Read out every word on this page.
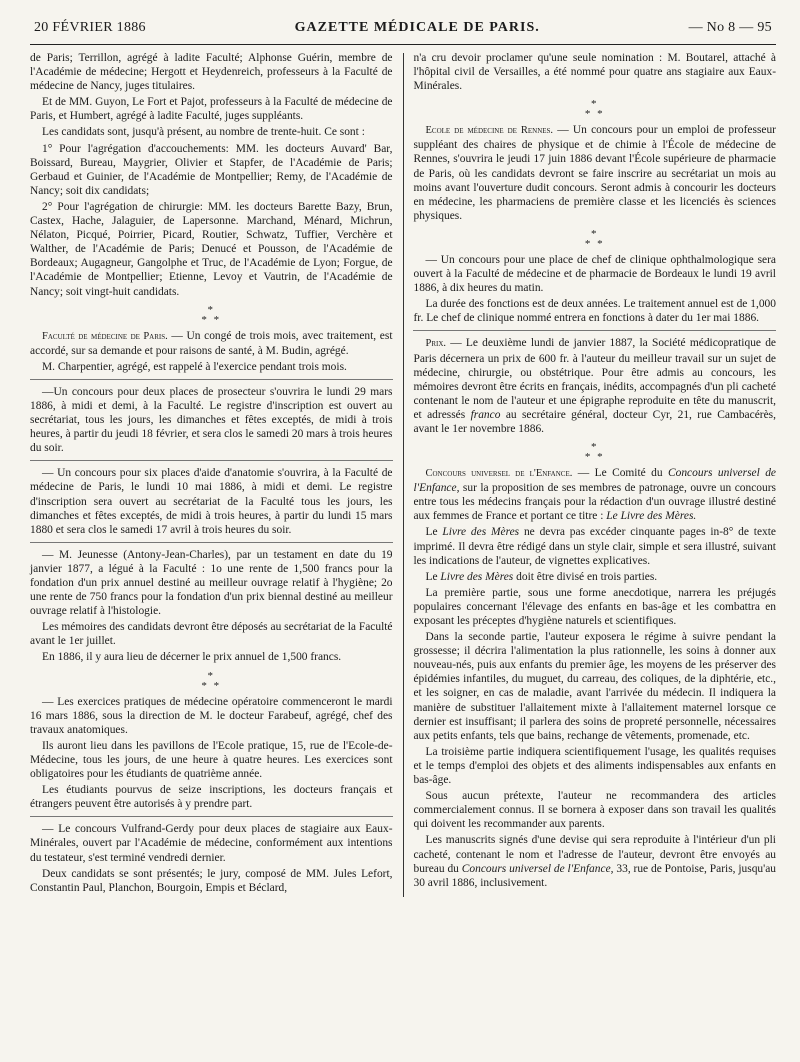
20 FÉVRIER 1886	GAZETTE MÉDICALE DE PARIS.	— No 8 — 95

de Paris; Terrillon, agrégé à ladite Faculté; Alphonse Guérin, membre de l'Académie de médecine; Hergott et Heydenreich, professeurs à la Faculté de médecine de Nancy, juges titulaires.

Et de MM. Guyon, Le Fort et Pajot, professeurs à la Faculté de médecine de Paris, et Humbert, agrégé à ladite Faculté, juges suppléants.

Les candidats sont, jusqu'à présent, au nombre de trente-huit. Ce sont :

1° Pour l'agrégation d'accouchements: MM. les docteurs Auvard' Bar, Boissard, Bureau, Maygrier, Olivier et Stapfer, de l'Académie de Paris; Gerbaud et Guinier, de l'Académie de Montpellier; Remy, de l'Académie de Nancy; soit dix candidats;

2° Pour l'agrégation de chirurgie: MM. les docteurs Barette Bazy, Brun, Castex, Hache, Jalaguier, de Lapersonne. Marchand, Ménard, Michrun, Nélaton, Picqué, Poirrier, Picard, Routier, Schwatz, Tuffier, Verchère et Walther, de l'Académie de Paris; Denucé et Pousson, de l'Académie de Bordeaux; Augagneur, Gangolphe et Truc, de l'Académie de Lyon; Forgue, de l'Académie de Montpellier; Etienne, Levoy et Vautrin, de l'Académie de Nancy; soit vingt-huit candidats.

*
* *

Faculté de médecine de Paris. — Un congé de trois mois, avec traitement, est accordé, sur sa demande et pour raisons de santé, à M. Budin, agrégé.

M. Charpentier, agrégé, est rappelé à l'exercice pendant trois mois.

—Un concours pour deux places de prosecteur s'ouvrira le lundi 29 mars 1886, à midi et demi, à la Faculté. Le registre d'inscription est ouvert au secrétariat, tous les jours, les dimanches et fêtes exceptés, de midi à trois heures, à partir du jeudi 18 février, et sera clos le samedi 20 mars à trois heures du soir.

— Un concours pour six places d'aide d'anatomie s'ouvrira, à la Faculté de médecine de Paris, le lundi 10 mai 1886, à midi et demi. Le registre d'inscription sera ouvert au secrétariat de la Faculté tous les jours, les dimanches et fêtes exceptés, de midi à trois heures, à partir du lundi 15 mars 1880 et sera clos le samedi 17 avril à trois heures du soir.

— M. Jeunesse (Antony-Jean-Charles), par un testament en date du 19 janvier 1877, a légué à la Faculté : 1o une rente de 1,500 francs pour la fondation d'un prix annuel destiné au meilleur ouvrage relatif à l'hygiène; 2o une rente de 750 francs pour la fondation d'un prix biennal destiné au meilleur ouvrage relatif à l'histologie.

Les mémoires des candidats devront être déposés au secrétariat de la Faculté avant le 1er juillet.

En 1886, il y aura lieu de décerner le prix annuel de 1,500 francs.

*
* *

— Les exercices pratiques de médecine opératoire commenceront le mardi 16 mars 1886, sous la direction de M. le docteur Farabeuf, agrégé, chef des travaux anatomiques.

Ils auront lieu dans les pavillons de l'Ecole pratique, 15, rue de l'Ecole-de-Médecine, tous les jours, de une heure à quatre heures. Les exercices sont obligatoires pour les étudiants de quatrième année.

Les étudiants pourvus de seize inscriptions, les docteurs français et étrangers peuvent être autorisés à y prendre part.

— Le concours Vulfrand-Gerdy pour deux places de stagiaire aux Eaux-Minérales, ouvert par l'Académie de médecine, conformément aux intentions du testateur, s'est terminé vendredi dernier.

Deux candidats se sont présentés; le jury, composé de MM. Jules Lefort, Constantin Paul, Planchon, Bourgoin, Empis et Béclard,

n'a cru devoir proclamer qu'une seule nomination : M. Boutarel, attaché à l'hôpital civil de Versailles, a été nommé pour quatre ans stagiaire aux Eaux-Minérales.

*
* *

Ecole de médecine de Rennes. — Un concours pour un emploi de professeur suppléant des chaires de physique et de chimie à l'École de médecine de Rennes, s'ouvrira le jeudi 17 juin 1886 devant l'École supérieure de pharmacie de Paris, où les candidats devront se faire inscrire au secrétariat un mois au moins avant l'ouverture dudit concours. Seront admis à concourir les docteurs en médecine, les pharmaciens de première classe et les licenciés ès sciences physiques.

*
* *

— Un concours pour une place de chef de clinique ophthalmologique sera ouvert à la Faculté de médecine et de pharmacie de Bordeaux le lundi 19 avril 1886, à dix heures du matin.

La durée des fonctions est de deux années. Le traitement annuel est de 1,000 fr. Le chef de clinique nommé entrera en fonctions à dater du 1er mai 1886.

Prix. — Le deuxième lundi de janvier 1887, la Société médicopratique de Paris décernera un prix de 600 fr. à l'auteur du meilleur travail sur un sujet de médecine, chirurgie, ou obstétrique. Pour être admis au concours, les mémoires devront être écrits en français, inédits, accompagnés d'un pli cacheté contenant le nom de l'auteur et une épigraphe reproduite en tête du manuscrit, et adressés franco au secrétaire général, docteur Cyr, 21, rue Cambacérès, avant le 1er novembre 1886.

*
* *

Concours universel de l'Enfance. — Le Comité du Concours universel de l'Enfance, sur la proposition de ses membres de patronage, ouvre un concours entre tous les médecins français pour la rédaction d'un ouvrage illustré destiné aux femmes de France et portant ce titre : Le Livre des Mères.

Le Livre des Mères ne devra pas excéder cinquante pages in-8° de texte imprimé. Il devra être rédigé dans un style clair, simple et sera illustré, suivant les indications de l'auteur, de vignettes explicatives.

Le Livre des Mères doit être divisé en trois parties.

La première partie, sous une forme anecdotique, narrera les préjugés populaires concernant l'élevage des enfants en bas-âge et les combattra en exposant les préceptes d'hygiène naturels et scientifiques.

Dans la seconde partie, l'auteur exposera le régime à suivre pendant la grossesse; il décrira l'alimentation la plus rationnelle, les soins à donner aux nouveau-nés, puis aux enfants du premier âge, les moyens de les préserver des épidémies infantiles, du muguet, du carreau, des coliques, de la diphtérie, etc., et les soigner, en cas de maladie, avant l'arrivée du médecin. Il indiquera la manière de substituer l'allaitement mixte à l'allaitement maternel lorsque ce dernier est insuffisant; il parlera des soins de propreté personnelle, nécessaires aux petits enfants, tels que bains, rechange de vêtements, promenade, etc.

La troisième partie indiquera scientifiquement l'usage, les qualités requises et le temps d'emploi des objets et des aliments indispensables aux enfants en bas-âge.

Sous aucun prétexte, l'auteur ne recommandera des articles commercialement connus. Il se bornera à exposer dans son travail les qualités qui doivent les recommander aux parents.

Les manuscrits signés d'une devise qui sera reproduite à l'intérieur d'un pli cacheté, contenant le nom et l'adresse de l'auteur, devront être envoyés au bureau du Concours universel de l'Enfance, 33, rue de Pontoise, Paris, jusqu'au 30 avril 1886, inclusivement.
